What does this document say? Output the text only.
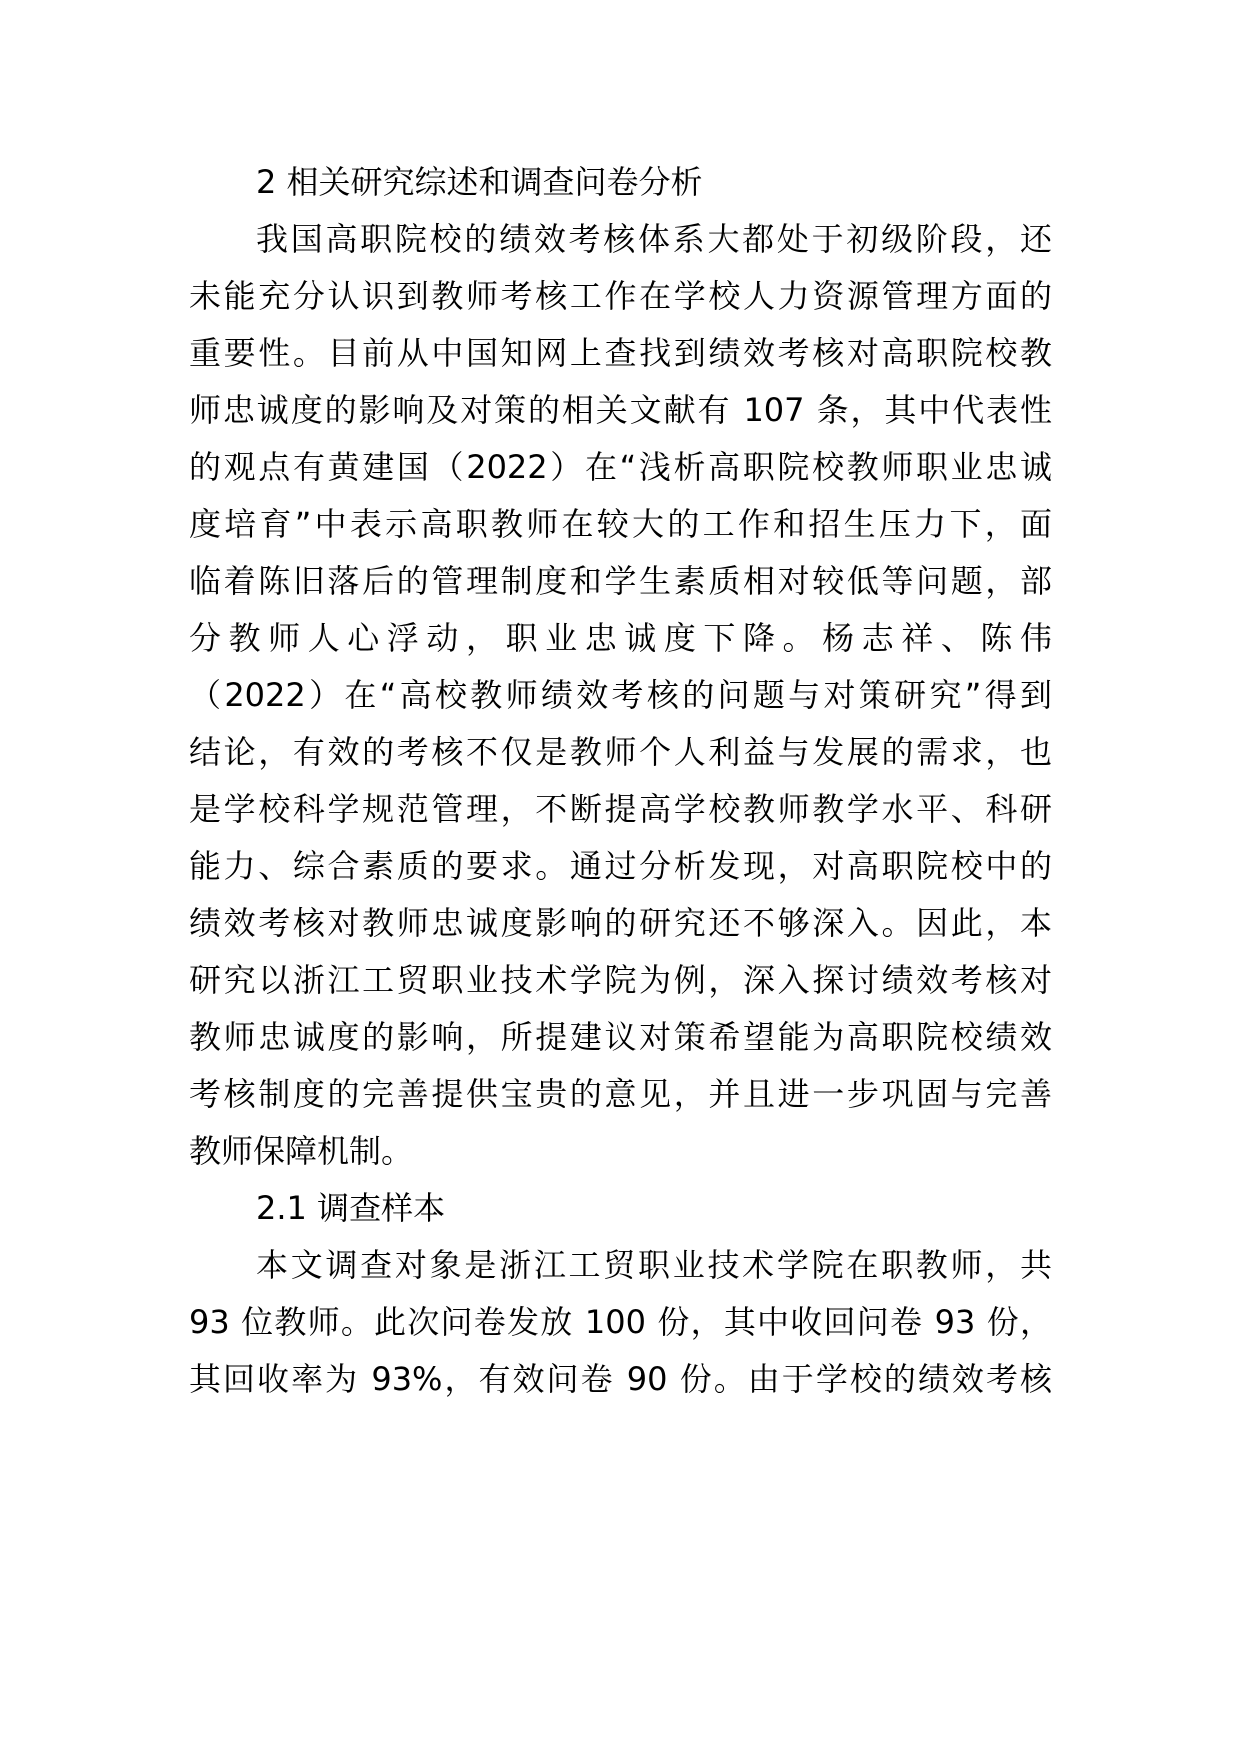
2 相关研究综述和调查问卷分析
我国高职院校的绩效考核体系大都处于初级阶段，还
未能充分认识到教师考核工作在学校人力资源管理方面的
重要性。目前从中国知网上查找到绩效考核对高职院校教
师忠诚度的影响及对策的相关文献有 107 条，其中代表性
的观点有黄建国（2022）在“浅析高职院校教师职业忠诚
度培育”中表示高职教师在较大的工作和招生压力下，面
临着陈旧落后的管理制度和学生素质相对较低等问题，部
分教师人心浮动，职业忠诚度下降。杨志祥、陈伟
（2022）在“高校教师绩效考核的问题与对策研究”得到
结论，有效的考核不仅是教师个人利益与发展的需求，也
是学校科学规范管理，不断提高学校教师教学水平、科研
能力、综合素质的要求。通过分析发现，对高职院校中的
绩效考核对教师忠诚度影响的研究还不够深入。因此，本
研究以浙江工贸职业技术学院为例，深入探讨绩效考核对
教师忠诚度的影响，所提建议对策希望能为高职院校绩效
考核制度的完善提供宝贵的意见，并且进一步巩固与完善
教师保障机制。
2.1 调查样本
本文调查对象是浙江工贸职业技术学院在职教师，共
93 位教师。此次问卷发放 100 份，其中收回问卷 93 份，
其回收率为 93%，有效问卷 90 份。由于学校的绩效考核
